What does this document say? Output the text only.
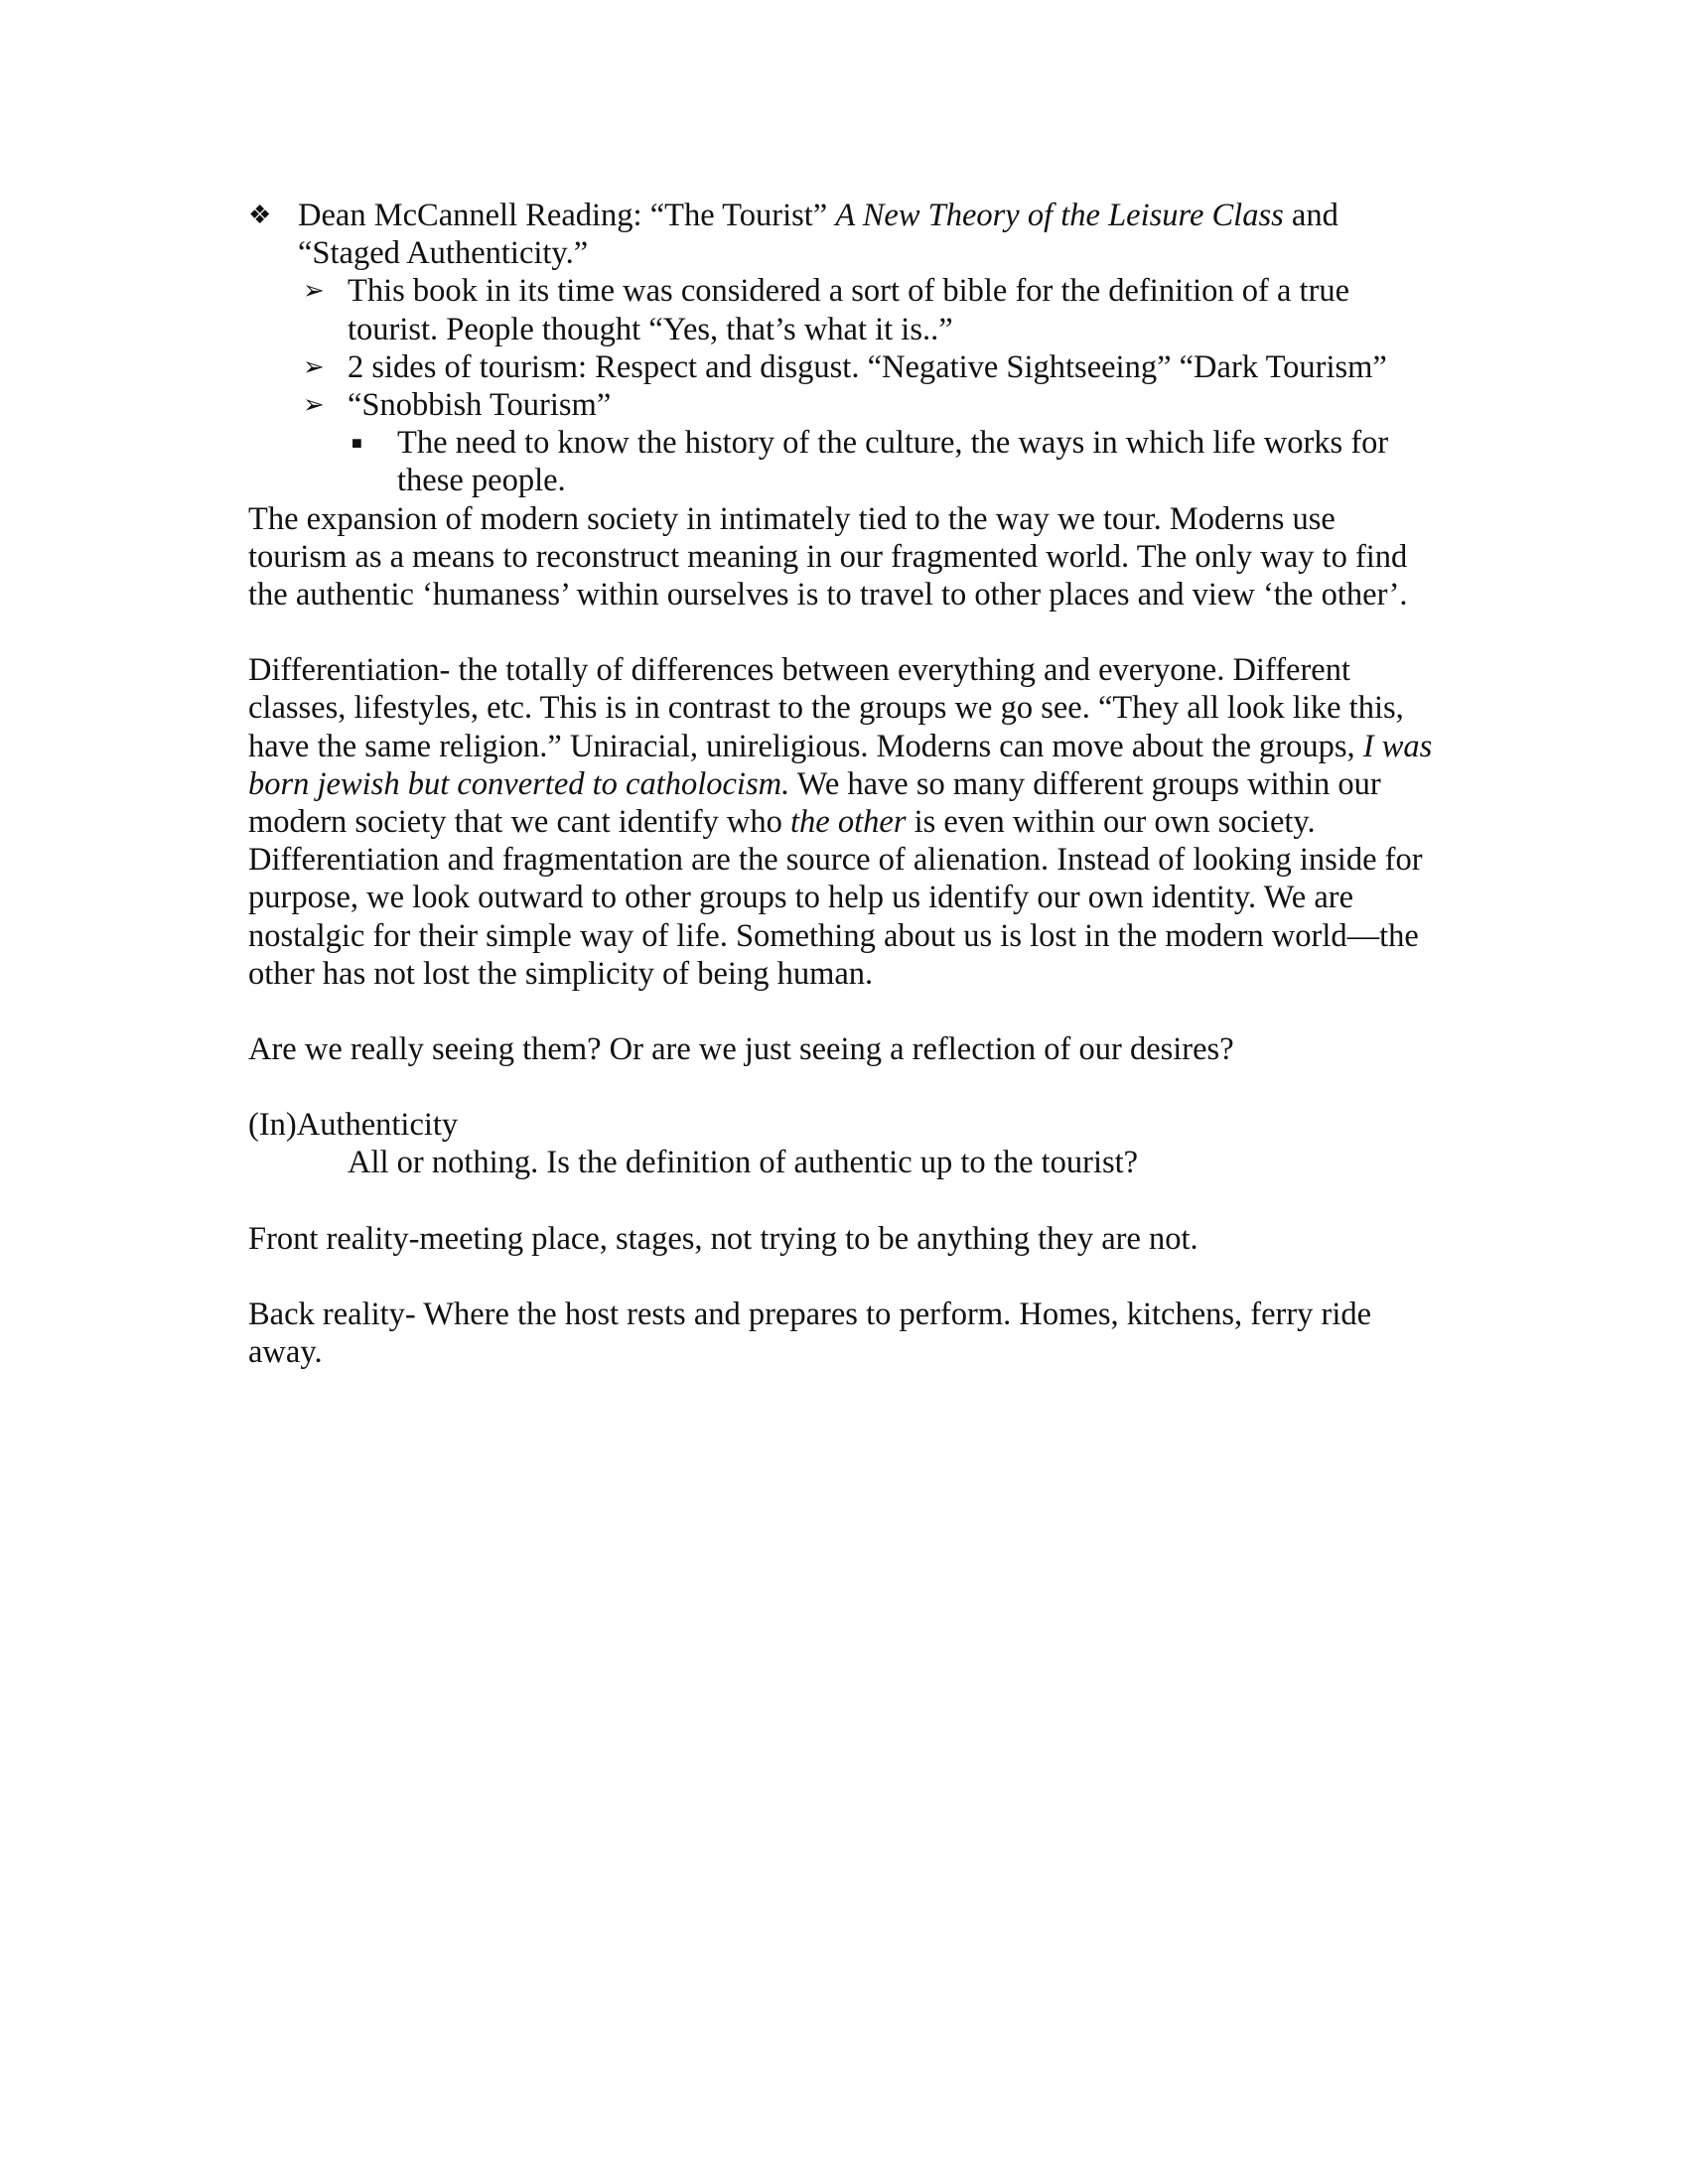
❖ Dean McCannell Reading: “The Tourist” A New Theory of the Leisure Class and “Staged Authenticity.”
➢ This book in its time was considered a sort of bible for the definition of a true tourist. People thought “Yes, that’s what it is..”
➢ 2 sides of tourism: Respect and disgust. “Negative Sightseeing” “Dark Tourism”
➢ “Snobbish Tourism”
■ The need to know the history of the culture, the ways in which life works for these people.

The expansion of modern society in intimately tied to the way we tour. Moderns use tourism as a means to reconstruct meaning in our fragmented world. The only way to find the authentic ‘humaness’ within ourselves is to travel to other places and view ‘the other’.

Differentiation- the totally of differences between everything and everyone. Different classes, lifestyles, etc. This is in contrast to the groups we go see. “They all look like this, have the same religion.” Uniracial, unireligious. Moderns can move about the groups, I was born jewish but converted to catholocism. We have so many different groups within our modern society that we cant identify who the other is even within our own society. Differentiation and fragmentation are the source of alienation. Instead of looking inside for purpose, we look outward to other groups to help us identify our own identity. We are nostalgic for their simple way of life. Something about us is lost in the modern world—the other has not lost the simplicity of being human.

Are we really seeing them? Or are we just seeing a reflection of our desires?

(In)Authenticity

All or nothing. Is the definition of authentic up to the tourist?

Front reality-meeting place, stages, not trying to be anything they are not.

Back reality- Where the host rests and prepares to perform. Homes, kitchens, ferry ride away.
